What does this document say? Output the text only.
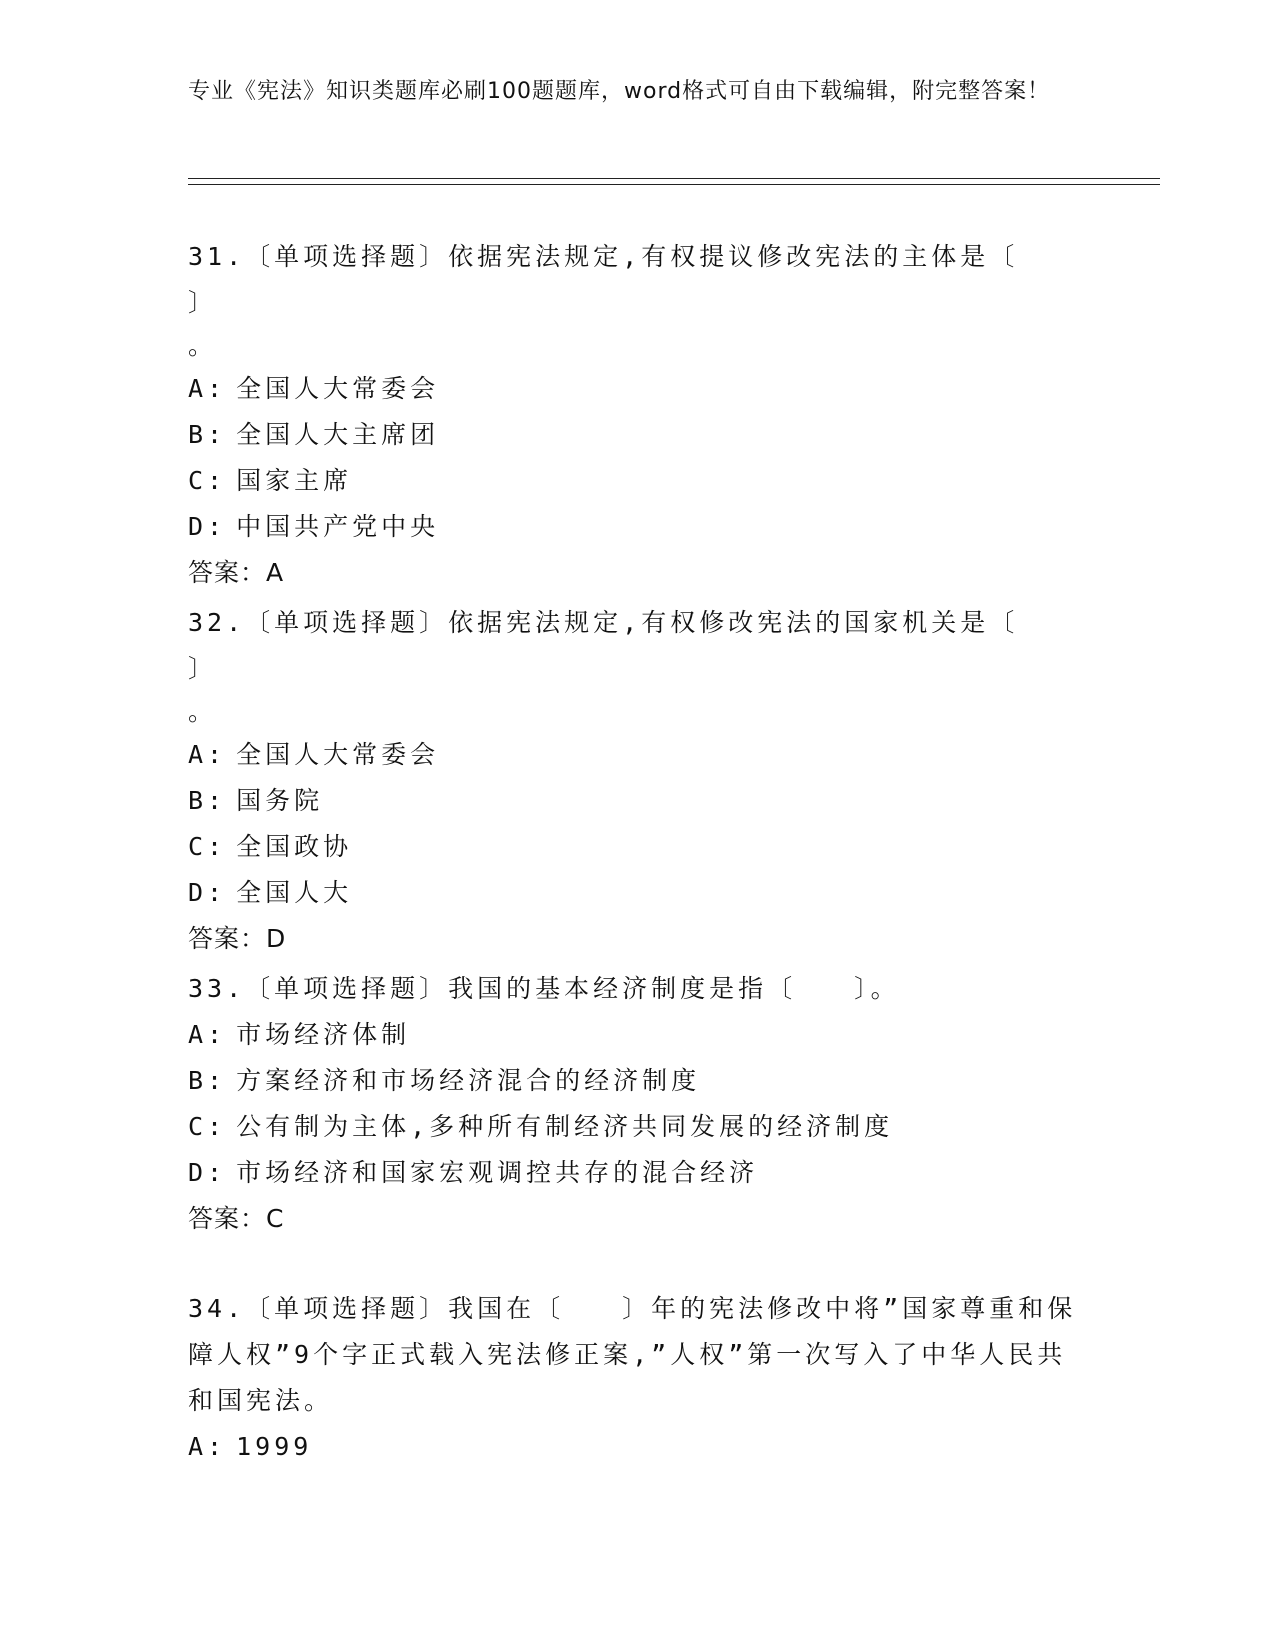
专业《宪法》知识类题库必刷100题题库，word格式可自由下载编辑，附完整答案！
31.〔单项选择题〕依据宪法规定,有权提议修改宪法的主体是〔　　〕
。
A: 全国人大常委会
B: 全国人大主席团
C: 国家主席
D: 中国共产党中央
答案：A
32.〔单项选择题〕依据宪法规定,有权修改宪法的国家机关是〔　　〕
。
A: 全国人大常委会
B: 国务院
C: 全国政协
D: 全国人大
答案：D
33.〔单项选择题〕我国的基本经济制度是指〔　　〕。
A: 市场经济体制
B: 方案经济和市场经济混合的经济制度
C: 公有制为主体,多种所有制经济共同发展的经济制度
D: 市场经济和国家宏观调控共存的混合经济
答案：C
34.〔单项选择题〕我国在〔　　〕年的宪法修改中将”国家尊重和保障人权”9个字正式载入宪法修正案,”人权”第一次写入了中华人民共和国宪法。
A: 1999
